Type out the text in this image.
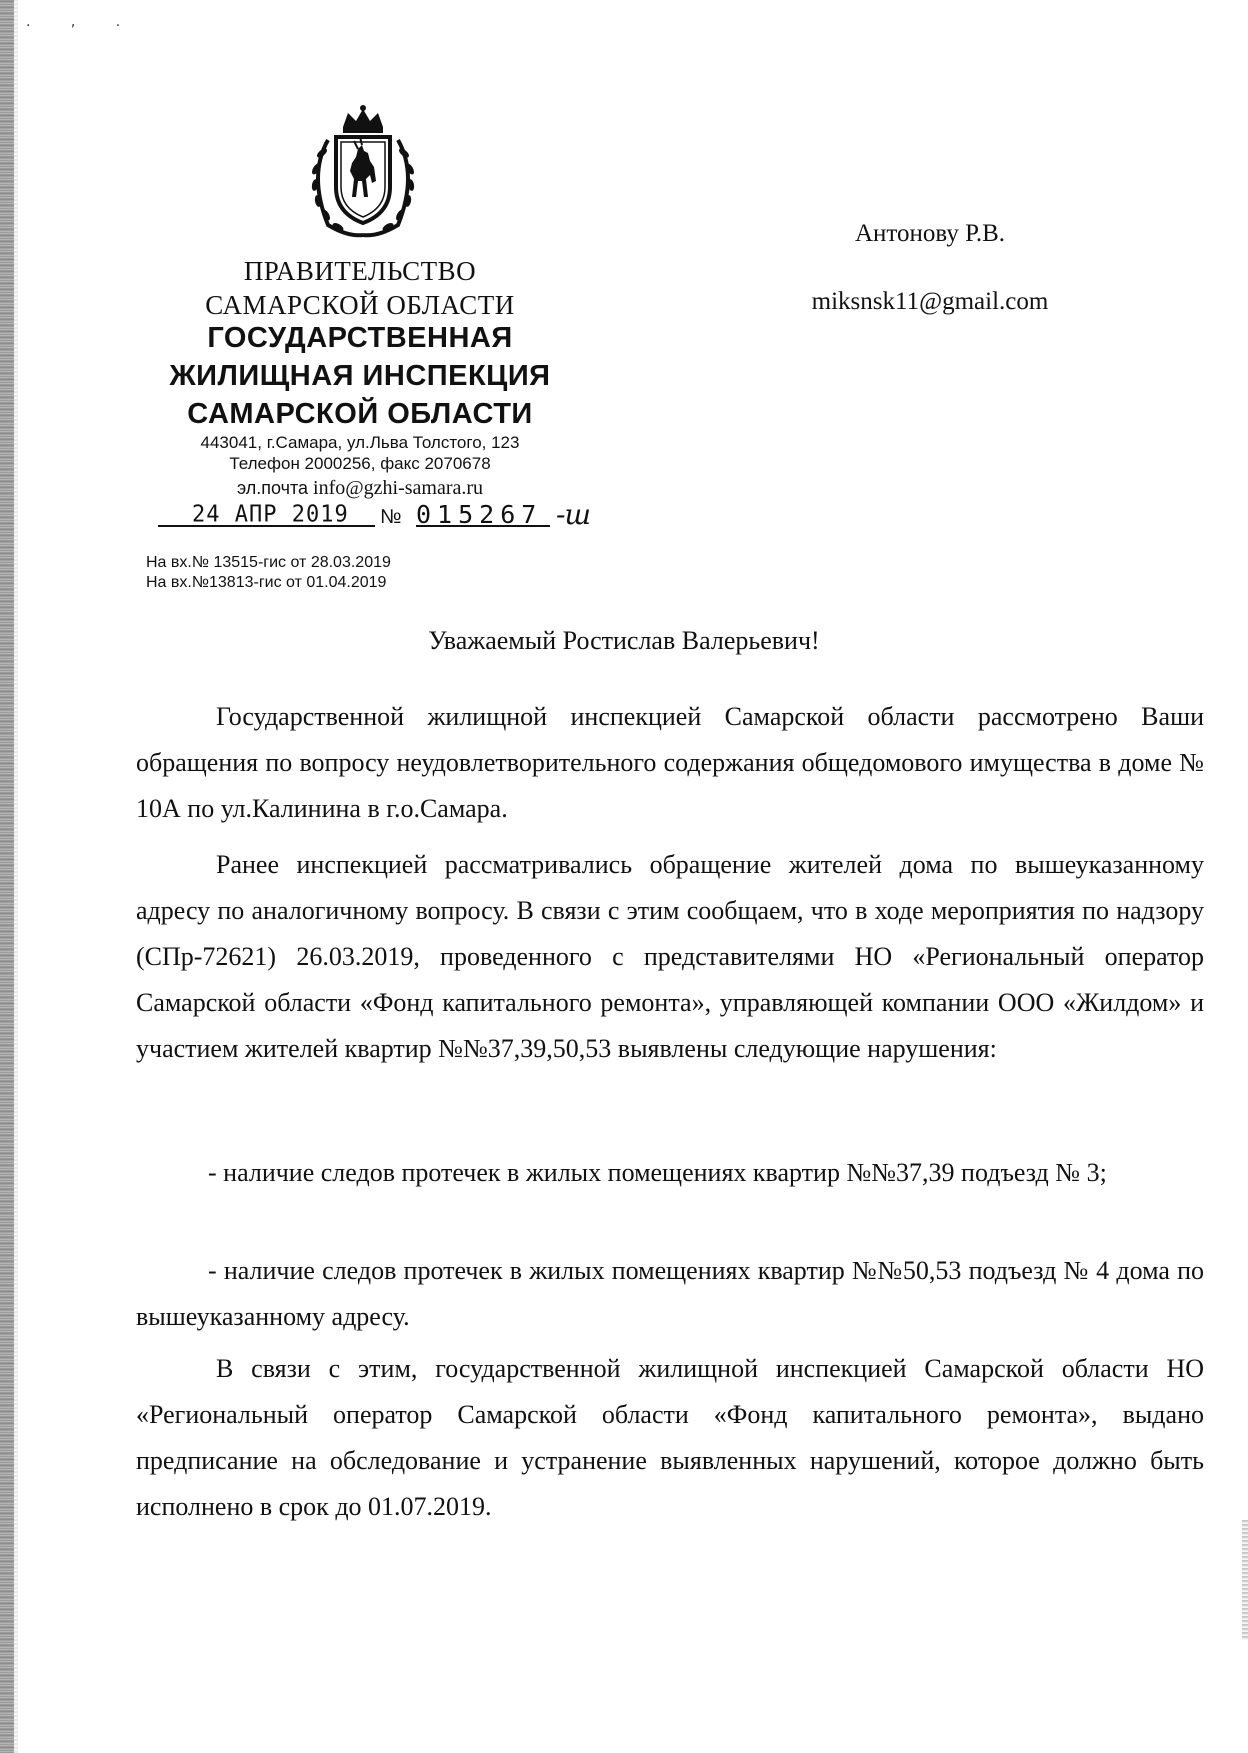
. , .
ПРАВИТЕЛЬСТВО
САМАРСКОЙ ОБЛАСТИ
ГОСУДАРСТВЕННАЯ
ЖИЛИЩНАЯ ИНСПЕКЦИЯ
САМАРСКОЙ ОБЛАСТИ
443041, г.Самара, ул.Льва Толстого, 123
Телефон 2000256, факс 2070678
эл.почта info@gzhi-samara.ru
24 АПР 2019 № 015267 -ш
На вх.№ 13515-гис от 28.03.2019
На вх.№13813-гис от 01.04.2019
Антонову Р.В.
miksnsk11@gmail.com
Уважаемый Ростислав Валерьевич!
Государственной жилищной инспекцией Самарской области рассмотрено Ваши обращения по вопросу неудовлетворительного содержания общедомового имущества в доме № 10А по ул.Калинина в г.о.Самара.
Ранее инспекцией рассматривались обращение жителей дома по вышеуказанному адресу по аналогичному вопросу. В связи с этим сообщаем, что в ходе мероприятия по надзору (СПр-72621) 26.03.2019, проведенного с представителями НО «Региональный оператор Самарской области «Фонд капитального ремонта», управляющей компании ООО «Жилдом» и участием жителей квартир №№37,39,50,53 выявлены следующие нарушения:
- наличие следов протечек в жилых помещениях квартир №№37,39 подъезд № 3;
- наличие следов протечек в жилых помещениях квартир №№50,53 подъезд № 4 дома по вышеуказанному адресу.
В связи с этим, государственной жилищной инспекцией Самарской области НО «Региональный оператор Самарской области «Фонд капитального ремонта», выдано предписание на обследование и устранение выявленных нарушений, которое должно быть исполнено в срок до 01.07.2019.
